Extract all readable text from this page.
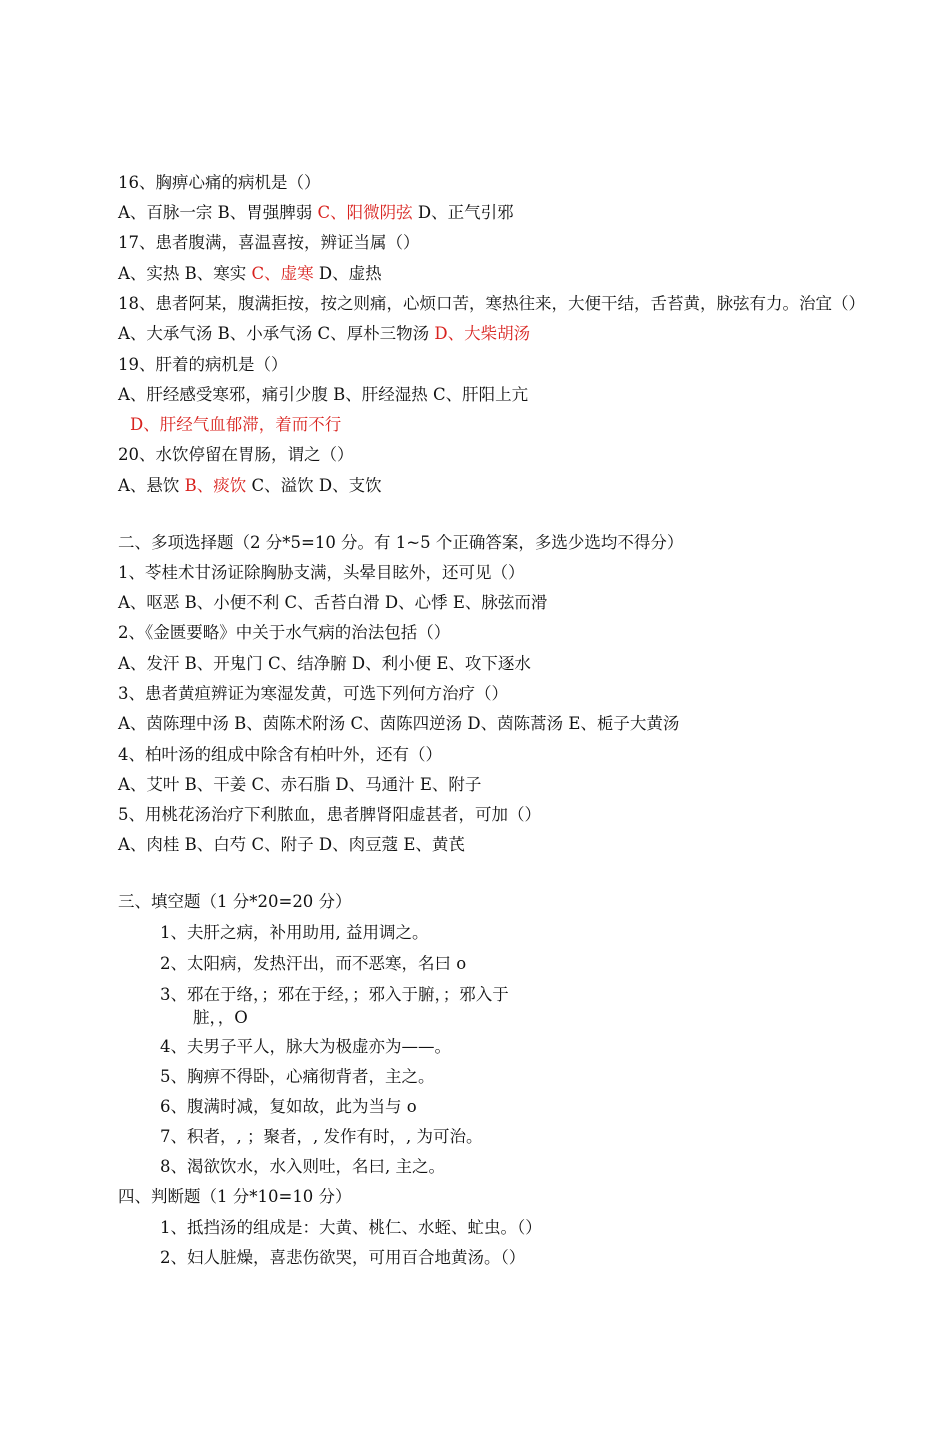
16、胸痹心痛的病机是（）
A、百脉一宗 B、胃强脾弱 C、阳微阴弦 D、正气引邪
17、患者腹满，喜温喜按，辨证当属（）
A、实热 B、寒实 C、虚寒 D、虚热
18、患者阿某，腹满拒按，按之则痛，心烦口苦，寒热往来，大便干结，舌苔黄，脉弦有力。治宜（）
A、大承气汤 B、小承气汤 C、厚朴三物汤 D、大柴胡汤
19、肝着的病机是（）
A、肝经感受寒邪，痛引少腹 B、肝经湿热 C、肝阳上亢
D、肝经气血郁滞，着而不行
20、水饮停留在胃肠，谓之（）
A、悬饮 B、痰饮 C、溢饮 D、支饮
二、多项选择题（2 分*5=10 分。有 1~5 个正确答案，多选少选均不得分）
1、苓桂术甘汤证除胸胁支满，头晕目眩外，还可见（）
A、呕恶 B、小便不利 C、舌苔白滑 D、心悸 E、脉弦而滑
2、《金匮要略》中关于水气病的治法包括（）
A、发汗 B、开鬼门 C、结净腑 D、利小便 E、攻下逐水
3、患者黄疸辨证为寒湿发黄，可选下列何方治疗（）
A、茵陈理中汤 B、茵陈术附汤 C、茵陈四逆汤 D、茵陈蒿汤 E、栀子大黄汤
4、柏叶汤的组成中除含有柏叶外，还有（）
A、艾叶 B、干姜 C、赤石脂 D、马通汁 E、附子
5、用桃花汤治疗下利脓血，患者脾肾阳虚甚者，可加（）
A、肉桂 B、白芍 C、附子 D、肉豆蔻 E、黄芪
三、填空题（1 分*20=20 分）
1、夫肝之病，补用助用, 益用调之。
2、太阳病，发热汗出，而不恶寒，名曰 o
3、邪在于络，；邪在于经，；邪入于腑，；邪入于
脏，，O
4、夫男子平人，脉大为极虚亦为——。
5、胸痹不得卧，心痛彻背者，主之。
6、腹满时减，复如故，此为当与 o
7、积者，, ；聚者，, 发作有时，, 为可治。
8、渴欲饮水，水入则吐，名曰, 主之。
四、判断题（1 分*10=10 分）
1、抵挡汤的组成是：大黄、桃仁、水蛭、虻虫。（）
2、妇人脏燥，喜悲伤欲哭，可用百合地黄汤。（）
